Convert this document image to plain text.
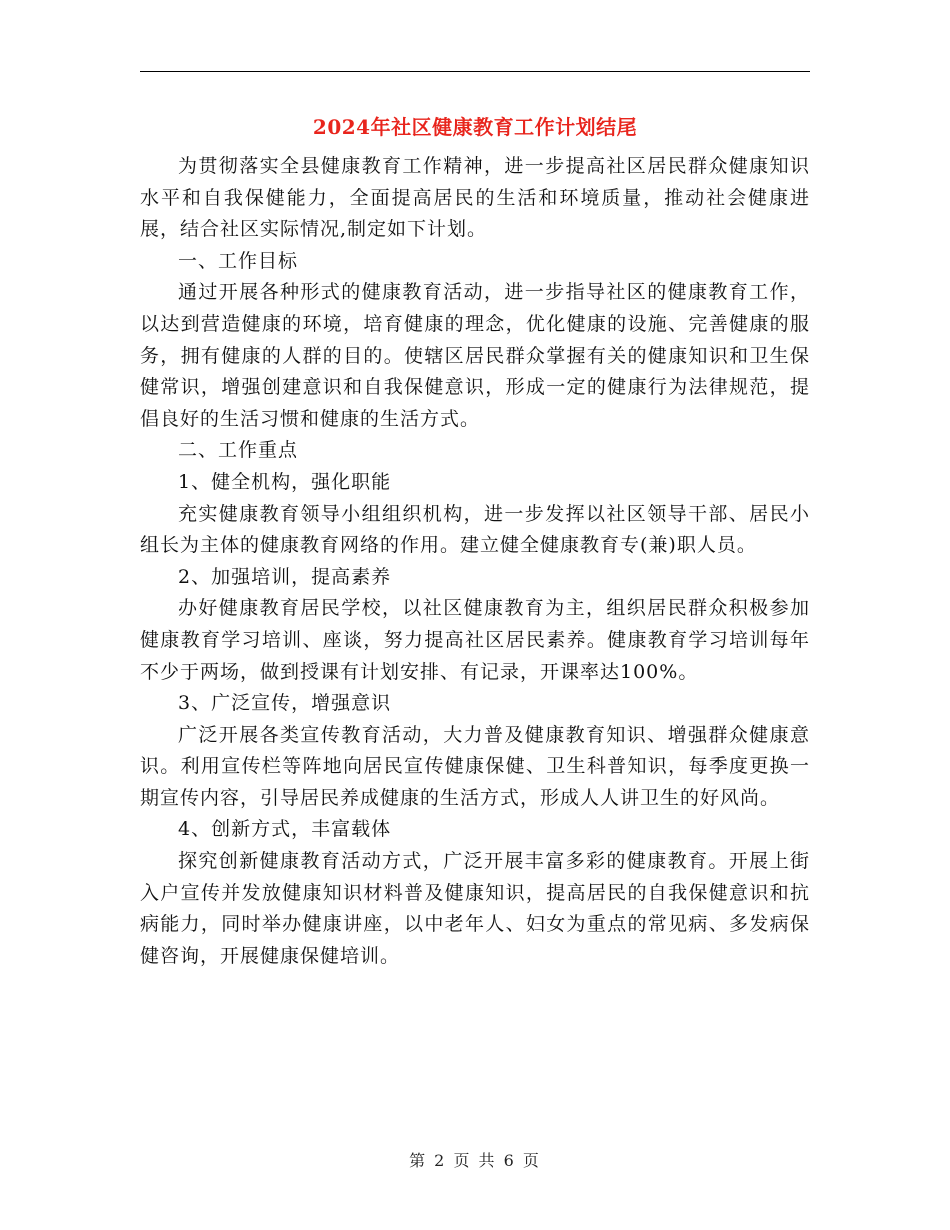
2024年社区健康教育工作计划结尾

为贯彻落实全县健康教育工作精神，进一步提高社区居民群众健康知识水平和自我保健能力，全面提高居民的生活和环境质量，推动社会健康进展，结合社区实际情况,制定如下计划。

一、工作目标

通过开展各种形式的健康教育活动，进一步指导社区的健康教育工作，以达到营造健康的环境，培育健康的理念，优化健康的设施、完善健康的服务，拥有健康的人群的目的。使辖区居民群众掌握有关的健康知识和卫生保健常识，增强创建意识和自我保健意识，形成一定的健康行为法律规范，提倡良好的生活习惯和健康的生活方式。

二、工作重点

1、健全机构，强化职能

充实健康教育领导小组组织机构，进一步发挥以社区领导干部、居民小组长为主体的健康教育网络的作用。建立健全健康教育专(兼)职人员。

2、加强培训，提高素养

办好健康教育居民学校，以社区健康教育为主，组织居民群众积极参加健康教育学习培训、座谈，努力提高社区居民素养。健康教育学习培训每年不少于两场，做到授课有计划安排、有记录，开课率达100%。

3、广泛宣传，增强意识

广泛开展各类宣传教育活动，大力普及健康教育知识、增强群众健康意识。利用宣传栏等阵地向居民宣传健康保健、卫生科普知识，每季度更换一期宣传内容，引导居民养成健康的生活方式，形成人人讲卫生的好风尚。

4、创新方式，丰富载体

探究创新健康教育活动方式，广泛开展丰富多彩的健康教育。开展上街入户宣传并发放健康知识材料普及健康知识，提高居民的自我保健意识和抗病能力，同时举办健康讲座，以中老年人、妇女为重点的常见病、多发病保健咨询，开展健康保健培训。

第 2 页 共 6 页
